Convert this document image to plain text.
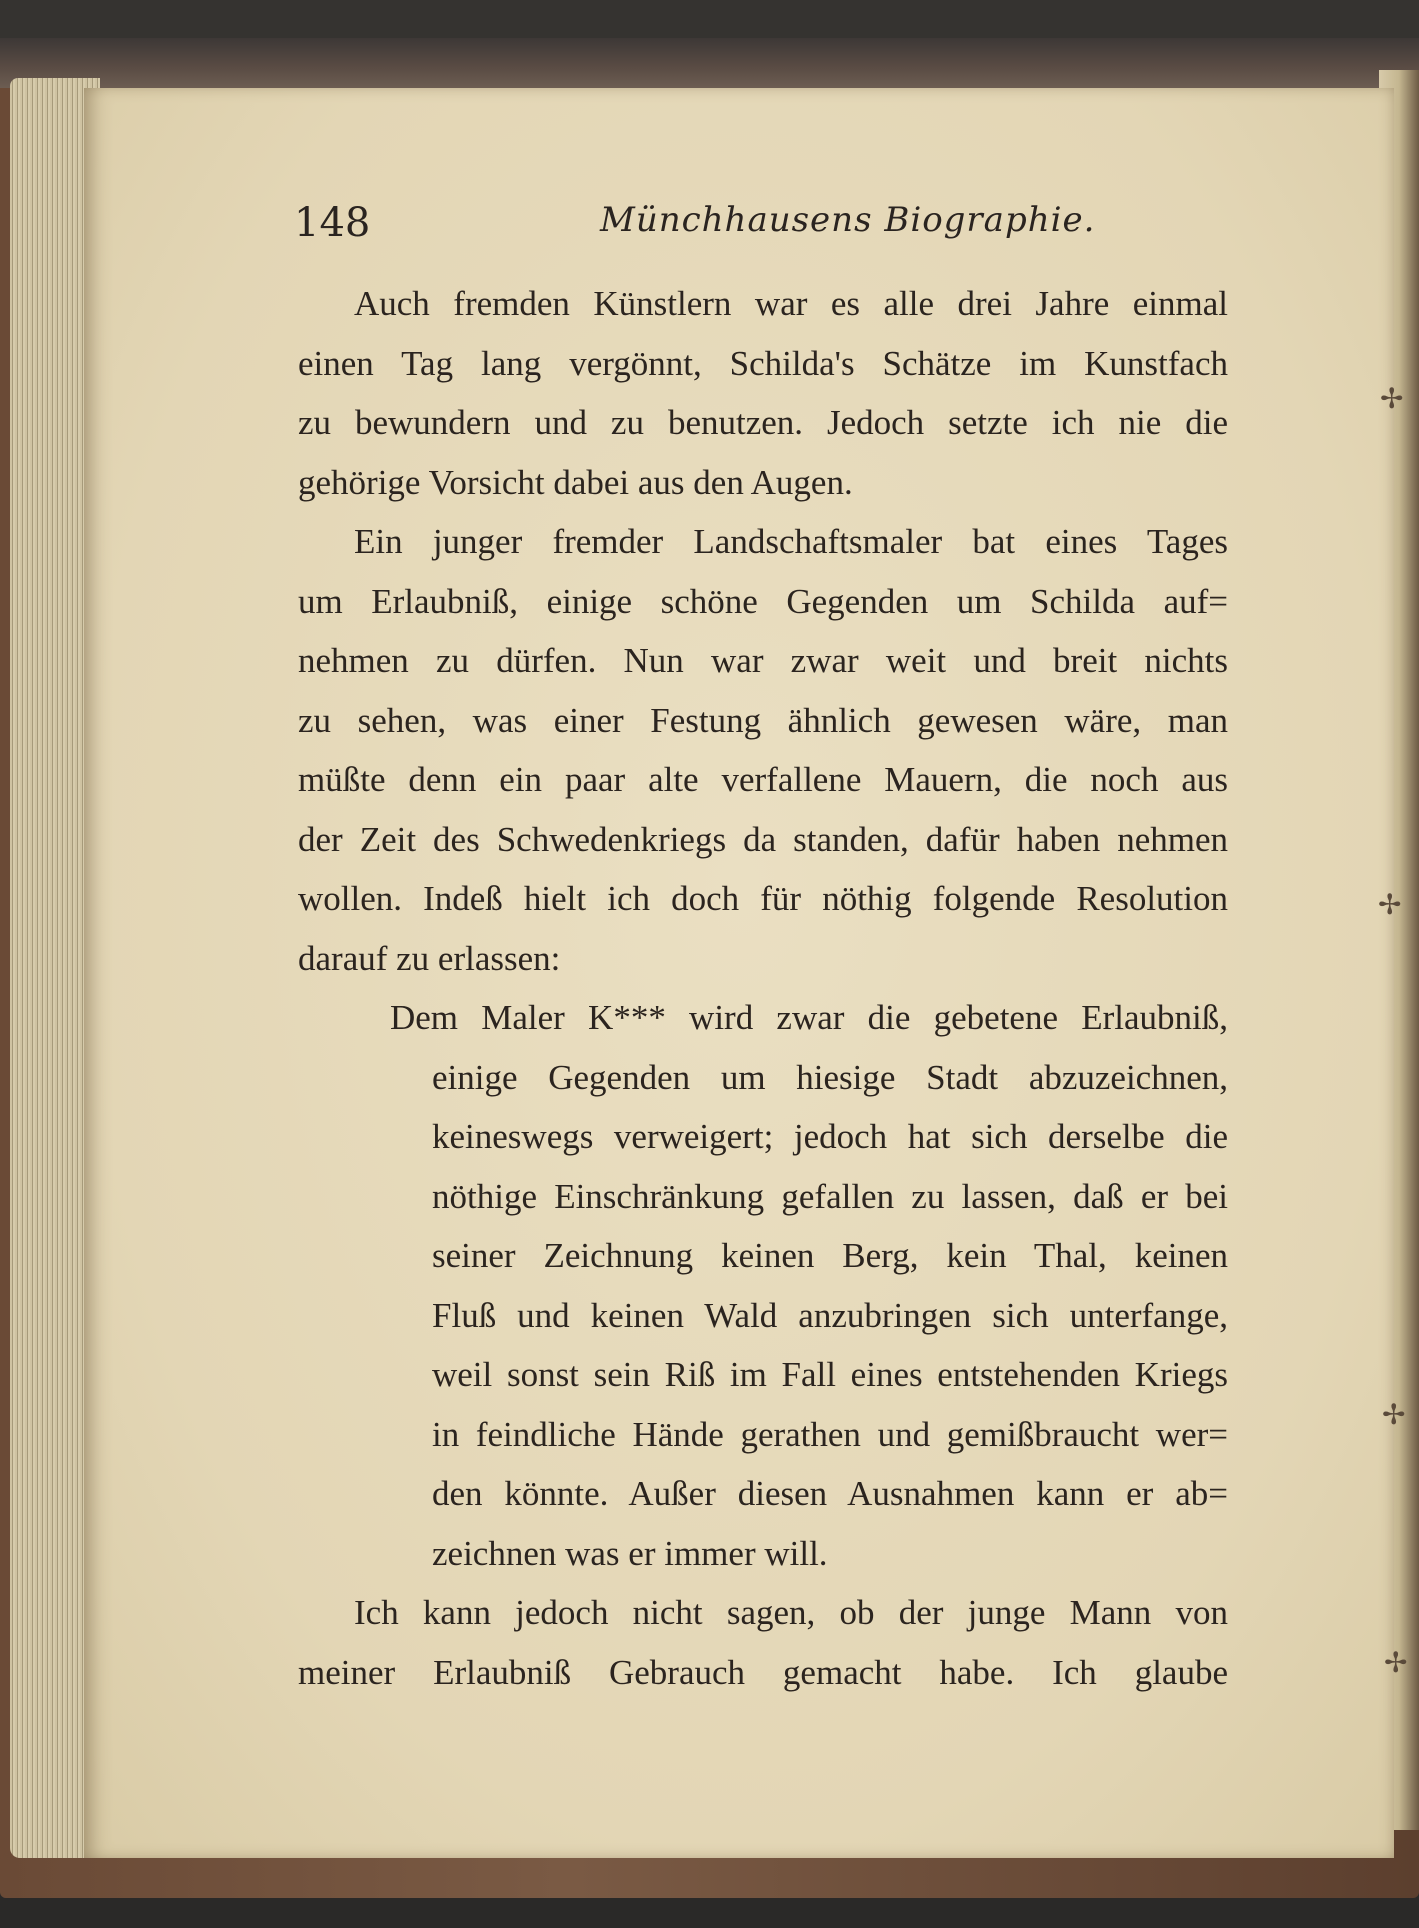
148	Münchhausens Biographie.

Auch fremden Künstlern war es alle drei Jahre einmal
einen Tag lang vergönnt, Schilda's Schätze im Kunstfach
zu bewundern und zu benutzen. Jedoch setzte ich nie die
gehörige Vorsicht dabei aus den Augen.

Ein junger fremder Landschaftsmaler bat eines Tages
um Erlaubniß, einige schöne Gegenden um Schilda auf=
nehmen zu dürfen. Nun war zwar weit und breit nichts
zu sehen, was einer Festung ähnlich gewesen wäre, man
müßte denn ein paar alte verfallene Mauern, die noch aus
der Zeit des Schwedenkriegs da standen, dafür haben nehmen
wollen. Indeß hielt ich doch für nöthig folgende Resolution
darauf zu erlassen:

Dem Maler K*** wird zwar die gebetene Erlaubniß,
einige Gegenden um hiesige Stadt abzuzeichnen,
keineswegs verweigert; jedoch hat sich derselbe die
nöthige Einschränkung gefallen zu lassen, daß er bei
seiner Zeichnung keinen Berg, kein Thal, keinen
Fluß und keinen Wald anzubringen sich unterfange,
weil sonst sein Riß im Fall eines entstehenden Kriegs
in feindliche Hände gerathen und gemißbraucht wer=
den könnte. Außer diesen Ausnahmen kann er ab=
zeichnen was er immer will.

Ich kann jedoch nicht sagen, ob der junge Mann von
meiner Erlaubniß Gebrauch gemacht habe. Ich glaube

✢
✢
✢
✢
